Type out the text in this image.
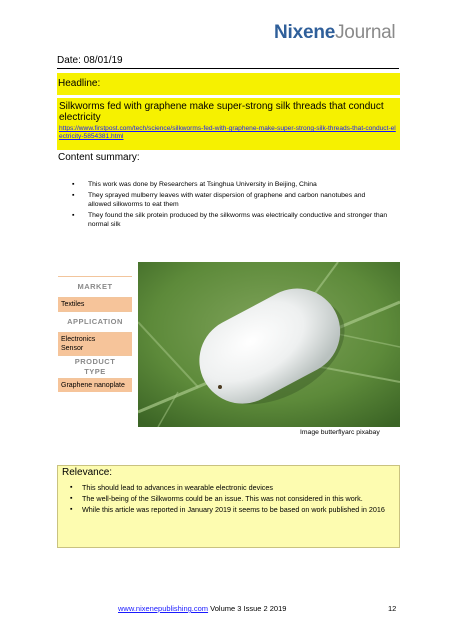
NixeneJournal
Date: 08/01/19
Headline:
Silkworms fed with graphene make super-strong silk threads that conduct electricity
https://www.firstpost.com/tech/science/silkworms-fed-with-graphene-make-super-strong-silk-threads-that-conduct-electricity-5854381.html
Content summary:
▪ This work was done by Researchers at Tsinghua University in Beijing, China
▪ They sprayed mulberry leaves with water dispersion of graphene and carbon nanotubes and allowed silkworms to eat them
▪ They found the silk protein produced by the silkworms was electrically conductive and stronger than normal silk
MARKET
Textiles
APPLICATION
Electronics
Sensor
PRODUCT
TYPE
Graphene nanoplate
Image butterflyarc pixabay
Relevance:
▪ This should lead to advances in wearable electronic devices
▪ The well-being of the Silkworms could be an issue. This was not considered in this work.
▪ While this article was reported in January 2019 it seems to be based on work published in 2016
www.nixenepublishing.com Volume 3 Issue 2 2019	12
